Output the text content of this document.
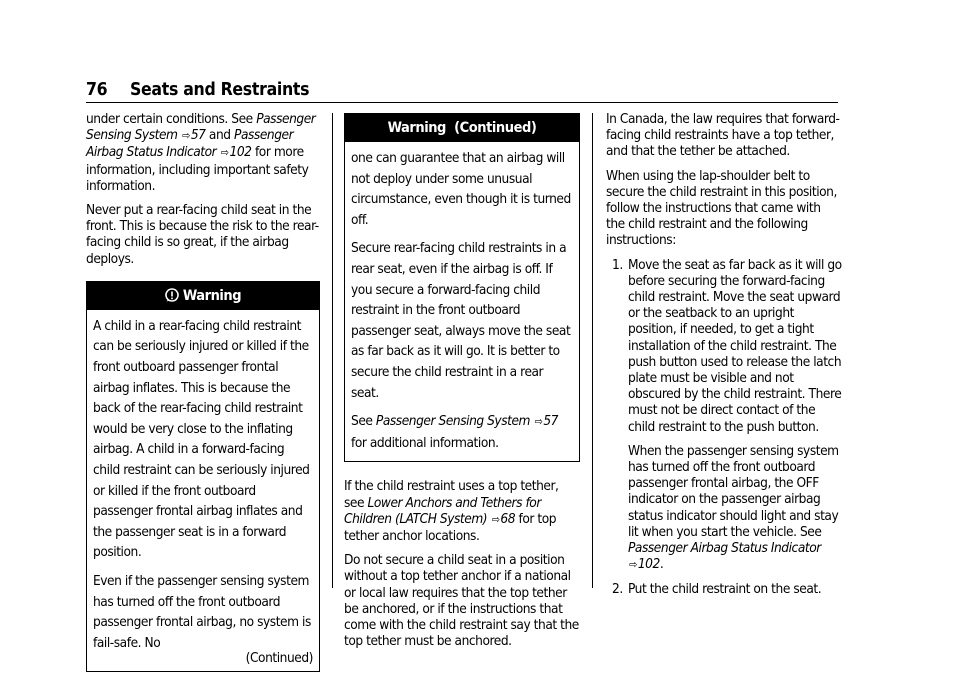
76 Seats and Restraints

under certain conditions. See Passenger Sensing System ⇨57 and Passenger Airbag Status Indicator ⇨102 for more information, including important safety information.

Never put a rear-facing child seat in the front. This is because the risk to the rear-facing child is so great, if the airbag deploys.

Warning

A child in a rear-facing child restraint can be seriously injured or killed if the front outboard passenger frontal airbag inflates. This is because the back of the rear-facing child restraint would be very close to the inflating airbag. A child in a forward-facing child restraint can be seriously injured or killed if the front outboard passenger frontal airbag inflates and the passenger seat is in a forward position.

Even if the passenger sensing system has turned off the front outboard passenger frontal airbag, no system is fail-safe. No

(Continued)
Warning  (Continued)

one can guarantee that an airbag will not deploy under some unusual circumstance, even though it is turned off.

Secure rear-facing child restraints in a rear seat, even if the airbag is off. If you secure a forward-facing child restraint in the front outboard passenger seat, always move the seat as far back as it will go. It is better to secure the child restraint in a rear seat.

See Passenger Sensing System ⇨57 for additional information.

If the child restraint uses a top tether, see Lower Anchors and Tethers for Children (LATCH System) ⇨68 for top tether anchor locations.

Do not secure a child seat in a position without a top tether anchor if a national or local law requires that the top tether be anchored, or if the instructions that come with the child restraint say that the top tether must be anchored.

In Canada, the law requires that forward-facing child restraints have a top tether, and that the tether be attached.

When using the lap-shoulder belt to secure the child restraint in this position, follow the instructions that came with the child restraint and the following instructions:

1. Move the seat as far back as it will go before securing the forward-facing child restraint. Move the seat upward or the seatback to an upright position, if needed, to get a tight installation of the child restraint. The push button used to release the latch plate must be visible and not obscured by the child restraint. There must not be direct contact of the child restraint to the push button.

When the passenger sensing system has turned off the front outboard passenger frontal airbag, the OFF indicator on the passenger airbag status indicator should light and stay lit when you start the vehicle. See Passenger Airbag Status Indicator ⇨102.

2. Put the child restraint on the seat.
